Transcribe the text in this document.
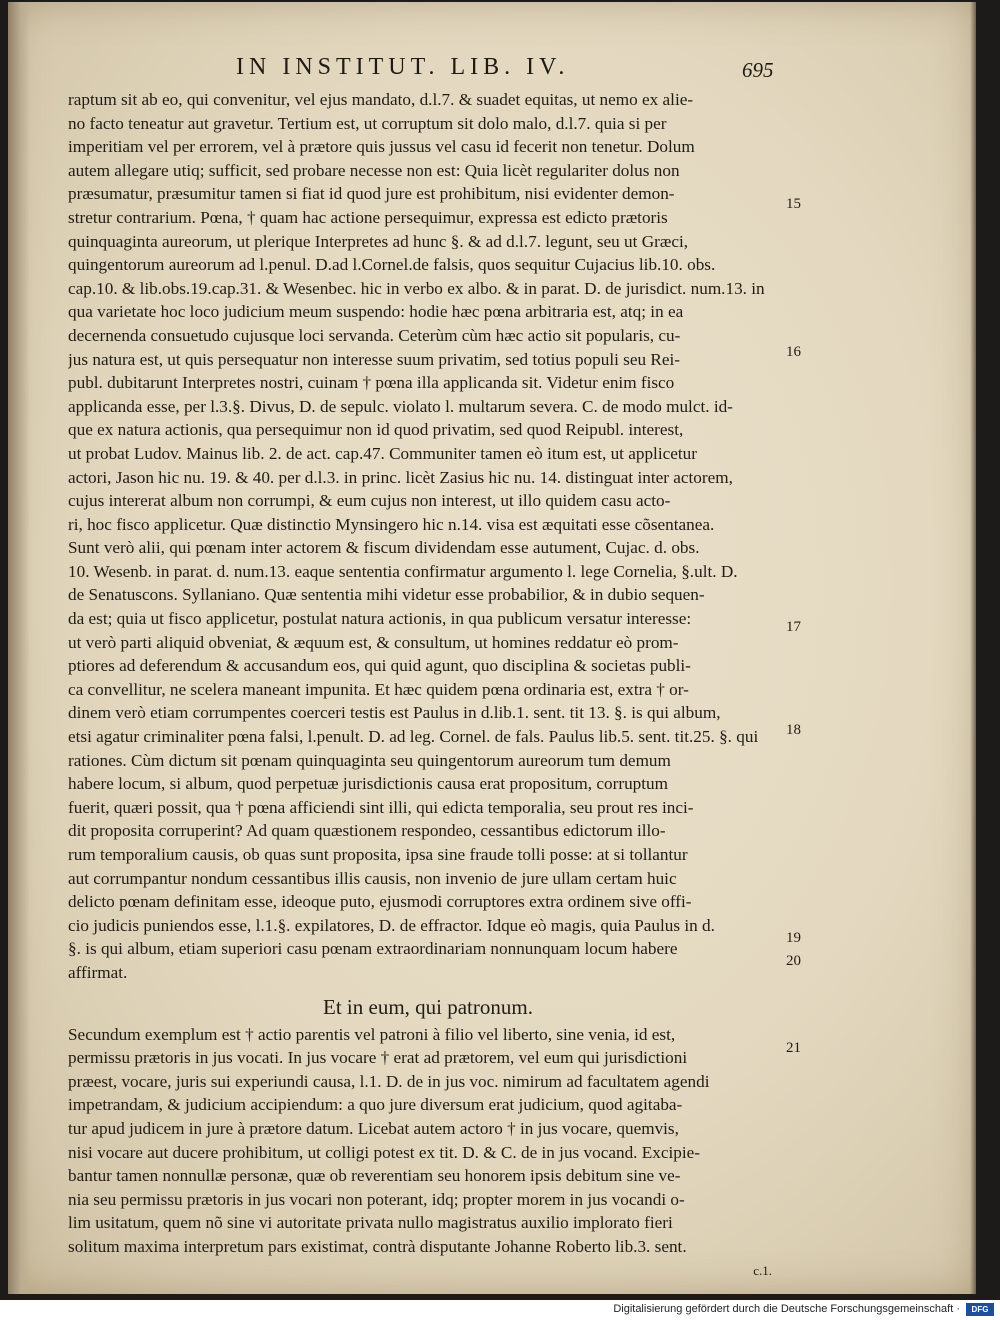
IN INSTITUT. LIB. IV.	695
raptum sit ab eo, qui convenitur, vel ejus mandato, d.l.7. & suadet equitas, ut nemo ex alie-
no facto teneatur aut gravetur. Tertium est, ut corruptum sit dolo malo, d.l.7. quia si per
imperitiam vel per errorem, vel à prætore quis jussus vel casu id fecerit non tenetur. Dolum
autem allegare utiq; sufficit, sed probare necesse non est: Quia licèt regulariter dolus non
præsumatur, præsumitur tamen si fiat id quod jure est prohibitum, nisi evidenter demon-
stretur contrarium. Pœna, † quam hac actione persequimur, expressa est edicto prætoris
quinquaginta aureorum, ut plerique Interpretes ad hunc §. & ad d.l.7. legunt, seu ut Græci,
quingentorum aureorum ad l.penul. D.ad l.Cornel.de falsis, quos sequitur Cujacius lib.10. obs.
cap.10. & lib.obs.19.cap.31. & Wesenbec. hic in verbo ex albo. & in parat. D. de jurisdict. num.13. in
qua varietate hoc loco judicium meum suspendo: hodie hæc pœna arbitraria est, atq; in ea
decernenda consuetudo cujusque loci servanda. Ceterùm cùm hæc actio sit popularis, cu-
jus natura est, ut quis persequatur non interesse suum privatim, sed totius populi seu Rei-
publ. dubitarunt Interpretes nostri, cuinam † pœna illa applicanda sit. Videtur enim fisco
applicanda esse, per l.3.§. Divus, D. de sepulc. violato l. multarum severa. C. de modo mulct. id-
que ex natura actionis, qua persequimur non id quod privatim, sed quod Reipubl. interest,
ut probat Ludov. Mainus lib. 2. de act. cap.47. Communiter tamen eò itum est, ut applicetur
actori, Jason hic nu. 19. & 40. per d.l.3. in princ. licèt Zasius hic nu. 14. distinguat inter actorem,
cujus intererat album non corrumpi, & eum cujus non interest, ut illo quidem casu acto-
ri, hoc fisco applicetur. Quæ distinctio Mynsingero hic n.14. visa est æquitati esse cõsentanea.
Sunt verò alii, qui pœnam inter actorem & fiscum dividendam esse autument, Cujac. d. obs.
10. Wesenb. in parat. d. num.13. eaque sententia confirmatur argumento l. lege Cornelia, §.ult. D.
de Senatuscons. Syllaniano. Quæ sententia mihi videtur esse probabilior, & in dubio sequen-
da est; quia ut fisco applicetur, postulat natura actionis, in qua publicum versatur interesse:
ut verò parti aliquid obveniat, & æquum est, & consultum, ut homines reddatur eò prom-
ptiores ad deferendum & accusandum eos, qui quid agunt, quo disciplina & societas publi-
ca convellitur, ne scelera maneant impunita. Et hæc quidem pœna ordinaria est, extra † or-
dinem verò etiam corrumpentes coerceri testis est Paulus in d.lib.1. sent. tit 13. §. is qui album,
etsi agatur criminaliter pœna falsi, l.penult. D. ad leg. Cornel. de fals. Paulus lib.5. sent. tit.25. §. qui
rationes. Cùm dictum sit pœnam quinquaginta seu quingentorum aureorum tum demum
habere locum, si album, quod perpetuæ jurisdictionis causa erat propositum, corruptum
fuerit, quæri possit, qua † pœna afficiendi sint illi, qui edicta temporalia, seu prout res inci-
dit proposita corruperint? Ad quam quæstionem respondeo, cessantibus edictorum illo-
rum temporalium causis, ob quas sunt proposita, ipsa sine fraude tolli posse: at si tollantur
aut corrumpantur nondum cessantibus illis causis, non invenio de jure ullam certam huic
delicto pœnam definitam esse, ideoque puto, ejusmodi corruptores extra ordinem sive offi-
cio judicis puniendos esse, l.1.§. expilatores, D. de effractor. Idque eò magis, quia Paulus in d.
§. is qui album, etiam superiori casu pœnam extraordinariam nonnunquam locum habere
affirmat.
Et in eum, qui patronum.
Secundum exemplum est † actio parentis vel patroni à filio vel liberto, sine venia, id est,
permissu prætoris in jus vocati. In jus vocare † erat ad prætorem, vel eum qui jurisdictioni
præest, vocare, juris sui experiundi causa, l.1. D. de in jus voc. nimirum ad facultatem agendi
impetrandam, & judicium accipiendum: a quo jure diversum erat judicium, quod agitaba-
tur apud judicem in jure à prætore datum. Licebat autem actoro † in jus vocare, quemvis,
nisi vocare aut ducere prohibitum, ut colligi potest ex tit. D. & C. de in jus vocand. Excipie-
bantur tamen nonnullæ personæ, quæ ob reverentiam seu honorem ipsis debitum sine ve-
nia seu permissu prætoris in jus vocari non poterant, idq; propter morem in jus vocandi o-
lim usitatum, quem nõ sine vi autoritate privata nullo magistratus auxilio implorato fieri
solitum maxima interpretum pars existimat, contrà disputante Johanne Roberto lib.3. sent.
c.1.
15
16
17
18
19
20
21
Digitalisierung gefördert durch die Deutsche Forschungsgemeinschaft ·	DFG
